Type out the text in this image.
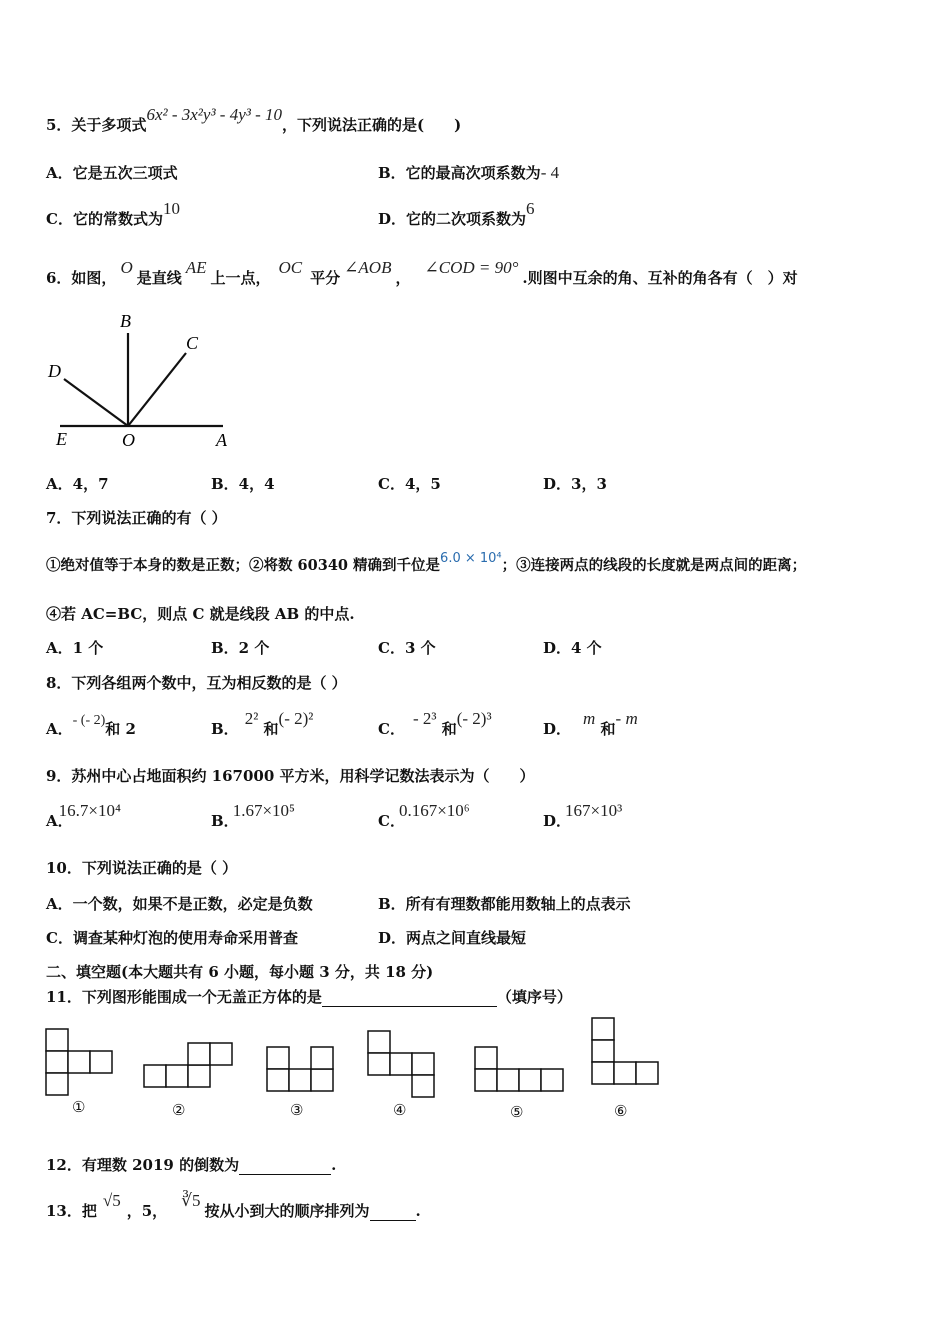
5．关于多项式6x² - 3x²y³ - 4y³ - 10，下列说法正确的是(　　)
A．它是五次三项式	B．它的最高次项系数为- 4
C．它的常数式为10
D．它的二次项系数为6
6．如图，O是直线AE上一点，OC平分∠AOB，∠COD = 90°.则图中互余的角、互补的角各有（　）对
B
C
D
E	O	A
A．4，7	B．4，4	C．4，5	D．3，3
7．下列说法正确的有（ ）
①绝对值等于本身的数是正数；②将数 60340 精确到千位是6.0 × 10⁴；③连接两点的线段的长度就是两点间的距离；
④若 AC=BC，则点 C 就是线段 AB 的中点.
A．1 个	B．2 个	C．3 个	D．4 个
8．下列各组两个数中，互为相反数的是（ ）
A．- (- 2)和 2	B．2² 和(- 2)²
C．- 2³ 和(- 2)³
D．m 和- m
9．苏州中心占地面积约 167000 平方米，用科学记数法表示为（　　）
A．16.7×10⁴
B．1.67×10⁵
C．0.167×10⁶
D．167×10³
10．下列说法正确的是（ ）
A．一个数，如果不是正数，必定是负数	B．所有有理数都能用数轴上的点表示
C．调查某种灯泡的使用寿命采用普查	D．两点之间直线最短
二、填空题(本大题共有 6 小题，每小题 3 分，共 18 分)
11．下列图形能围成一个无盖正方体的是	（填序号）
①	②	③	④	⑤	⑥
12．有理数 2019 的倒数为	.
13．把√5，5，∛5按从小到大的顺序排列为	.
